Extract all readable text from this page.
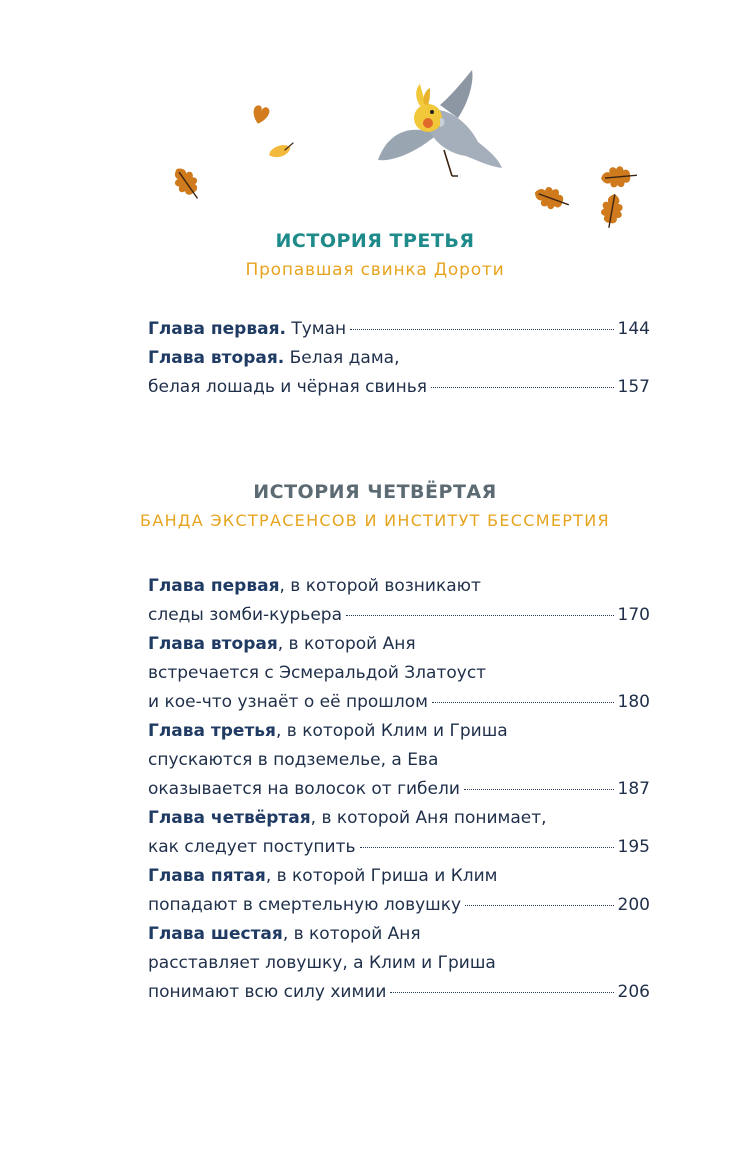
ИСТОРИЯ ТРЕТЬЯ
Пропавшая свинка Дороти
Глава первая. Туман	144
Глава вторая. Белая дама,
белая лошадь и чёрная свинья	157
ИСТОРИЯ ЧЕТВЁРТАЯ
БАНДА ЭКСТРАСЕНСОВ И ИНСТИТУТ БЕССМЕРТИЯ
Глава первая, в которой возникают
следы зомби-курьера	170
Глава вторая, в которой Аня
встречается с Эсмеральдой Златоуст
и кое-что узнаёт о её прошлом	180
Глава третья, в которой Клим и Гриша
спускаются в подземелье, а Ева
оказывается на волосок от гибели	187
Глава четвёртая, в которой Аня понимает,
как следует поступить	195
Глава пятая, в которой Гриша и Клим
попадают в смертельную ловушку	200
Глава шестая, в которой Аня
расставляет ловушку, а Клим и Гриша
понимают всю силу химии	206
